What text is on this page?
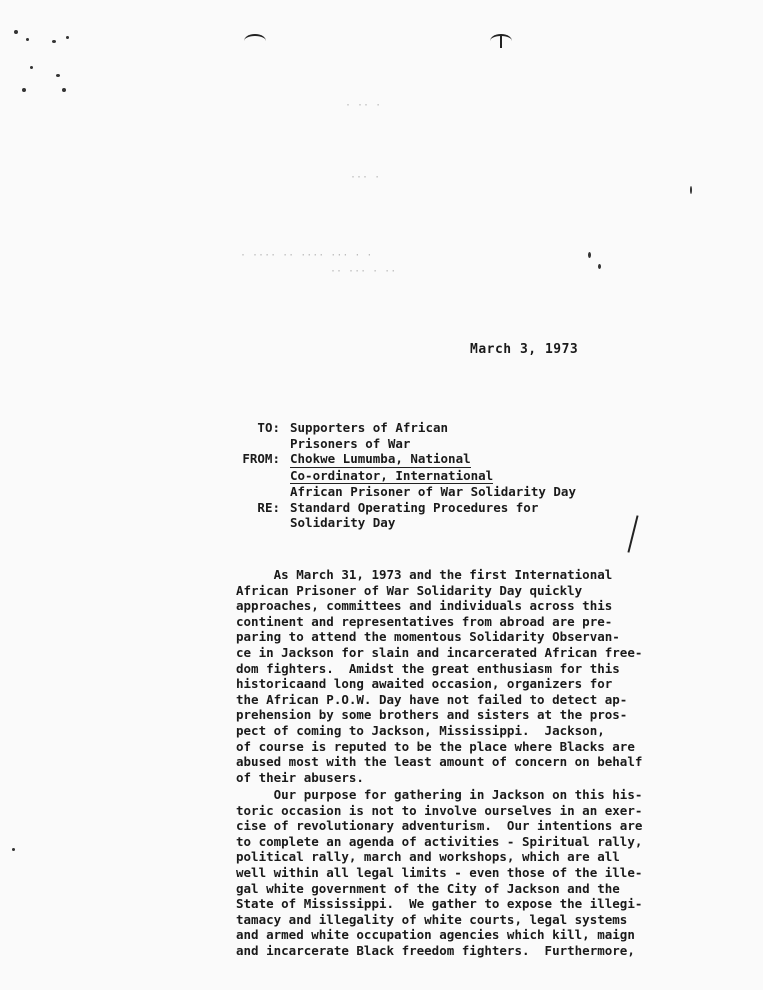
· ·· ·
··· ·
· ···· ·· ···· ··· · ·
·· ··· · ··
March 3, 1973
TO: Supporters of African
Prisoners of War
FROM: Chokwe Lumumba, National
Co-ordinator, International
African Prisoner of War Solidarity Day
RE: Standard Operating Procedures for
Solidarity Day
As March 31, 1973 and the first International
African Prisoner of War Solidarity Day quickly
approaches, committees and individuals across this
continent and representatives from abroad are pre-
paring to attend the momentous Solidarity Observan-
ce in Jackson for slain and incarcerated African free-
dom fighters.  Amidst the great enthusiasm for this
historicaand long awaited occasion, organizers for
the African P.O.W. Day have not failed to detect ap-
prehension by some brothers and sisters at the pros-
pect of coming to Jackson, Mississippi.  Jackson,
of course is reputed to be the place where Blacks are
abused most with the least amount of concern on behalf
of their abusers.
Our purpose for gathering in Jackson on this his-
toric occasion is not to involve ourselves in an exer-
cise of revolutionary adventurism.  Our intentions are
to complete an agenda of activities - Spiritual rally,
political rally, march and workshops, which are all
well within all legal limits - even those of the ille-
gal white government of the City of Jackson and the
State of Mississippi.  We gather to expose the illegi-
tamacy and illegality of white courts, legal systems
and armed white occupation agencies which kill, maign
and incarcerate Black freedom fighters.  Furthermore,
